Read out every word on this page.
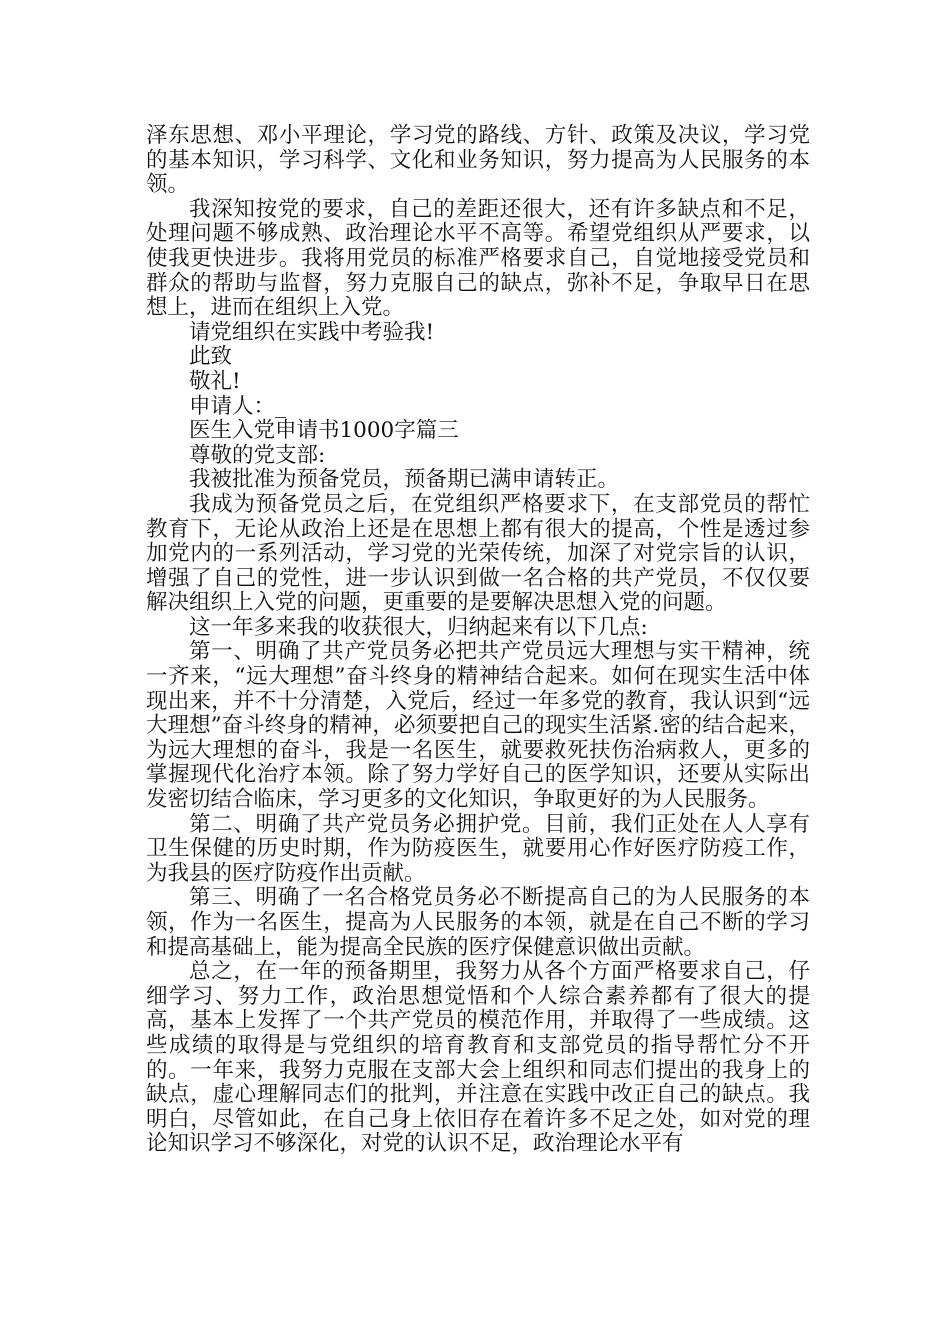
泽东思想、邓小平理论，学习党的路线、方针、政策及决议，学习党的基本知识，学习科学、文化和业务知识，努力提高为人民服务的本领。

我深知按党的要求，自己的差距还很大，还有许多缺点和不足，处理问题不够成熟、政治理论水平不高等。希望党组织从严要求，以使我更快进步。我将用党员的标准严格要求自己，自觉地接受党员和群众的帮助与监督，努力克服自己的缺点，弥补不足，争取早日在思想上，进而在组织上入党。

请党组织在实践中考验我!

此致

敬礼!

申请人：_

医生入党申请书1000字篇三

尊敬的党支部:

我被批准为预备党员，预备期已满申请转正。

我成为预备党员之后，在党组织严格要求下，在支部党员的帮忙教育下，无论从政治上还是在思想上都有很大的提高，个性是透过参加党内的一系列活动，学习党的光荣传统，加深了对党宗旨的认识，增强了自己的党性，进一步认识到做一名合格的共产党员，不仅仅要解决组织上入党的问题，更重要的是要解决思想入党的问题。

这一年多来我的收获很大，归纳起来有以下几点:

第一、明确了共产党员务必把共产党员远大理想与实干精神，统一齐来，“远大理想”奋斗终身的精神结合起来。如何在现实生活中体现出来，并不十分清楚，入党后，经过一年多党的教育，我认识到“远大理想”奋斗终身的精神，必须要把自己的现实生活紧.密的结合起来，为远大理想的奋斗，我是一名医生，就要救死扶伤治病救人，更多的掌握现代化治疗本领。除了努力学好自己的医学知识，还要从实际出发密切结合临床，学习更多的文化知识，争取更好的为人民服务。

第二、明确了共产党员务必拥护党。目前，我们正处在人人享有卫生保健的历史时期，作为防疫医生，就要用心作好医疗防疫工作，为我县的医疗防疫作出贡献。

第三、明确了一名合格党员务必不断提高自己的为人民服务的本领，作为一名医生，提高为人民服务的本领，就是在自己不断的学习和提高基础上，能为提高全民族的医疗保健意识做出贡献。

总之，在一年的预备期里，我努力从各个方面严格要求自己，仔细学习、努力工作，政治思想觉悟和个人综合素养都有了很大的提高，基本上发挥了一个共产党员的模范作用，并取得了一些成绩。这些成绩的取得是与党组织的培育教育和支部党员的指导帮忙分不开的。一年来，我努力克服在支部大会上组织和同志们提出的我身上的缺点，虚心理解同志们的批判，并注意在实践中改正自己的缺点。我明白，尽管如此，在自己身上依旧存在着许多不足之处，如对党的理论知识学习不够深化，对党的认识不足，政治理论水平有
